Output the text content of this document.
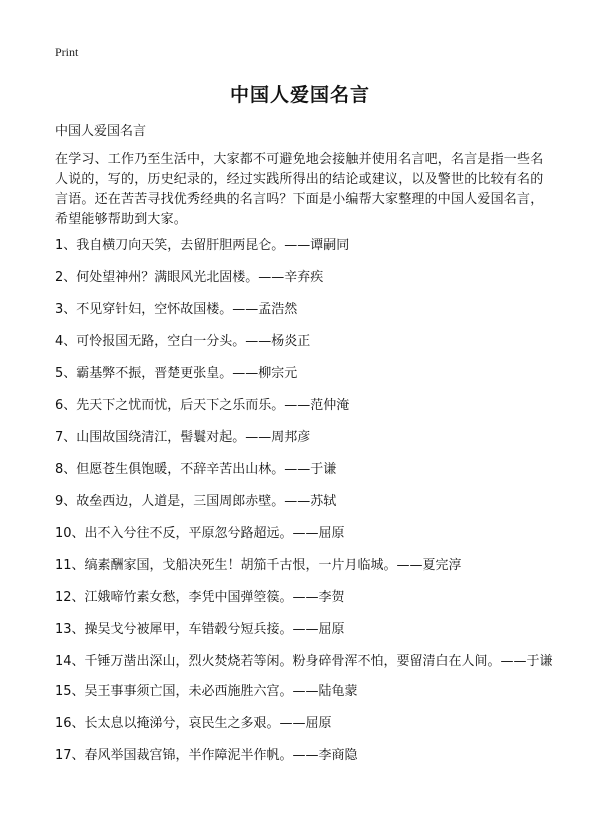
Print
中国人爱国名言

中国人爱国名言

在学习、工作乃至生活中，大家都不可避免地会接触并使用名言吧，名言是指一些名人说的，写的，历史纪录的，经过实践所得出的结论或建议，以及警世的比较有名的言语。还在苦苦寻找优秀经典的名言吗？下面是小编帮大家整理的中国人爱国名言，希望能够帮助到大家。

1、我自横刀向天笑，去留肝胆两昆仑。——谭嗣同
2、何处望神州？满眼风光北固楼。——辛弃疾
3、不见穿针妇，空怀故国楼。——孟浩然
4、可怜报国无路，空白一分头。——杨炎正
5、霸基弊不振，晋楚更张皇。——柳宗元
6、先天下之忧而忧，后天下之乐而乐。——范仲淹
7、山围故国绕清江，髻鬟对起。——周邦彦
8、但愿苍生俱饱暖，不辞辛苦出山林。——于谦
9、故垒西边，人道是，三国周郎赤壁。——苏轼
10、出不入兮往不反，平原忽兮路超远。——屈原
11、缟素酬家国，戈船决死生！胡笳千古恨，一片月临城。——夏完淳
12、江娥啼竹素女愁，李凭中国弹箜篌。——李贺
13、操吴戈兮被犀甲，车错毂兮短兵接。——屈原
14、千锤万凿出深山，烈火焚烧若等闲。粉身碎骨浑不怕，要留清白在人间。——于谦
15、吴王事事须亡国，未必西施胜六宫。——陆龟蒙
16、长太息以掩涕兮，哀民生之多艰。——屈原
17、春风举国裁宫锦，半作障泥半作帆。——李商隐
